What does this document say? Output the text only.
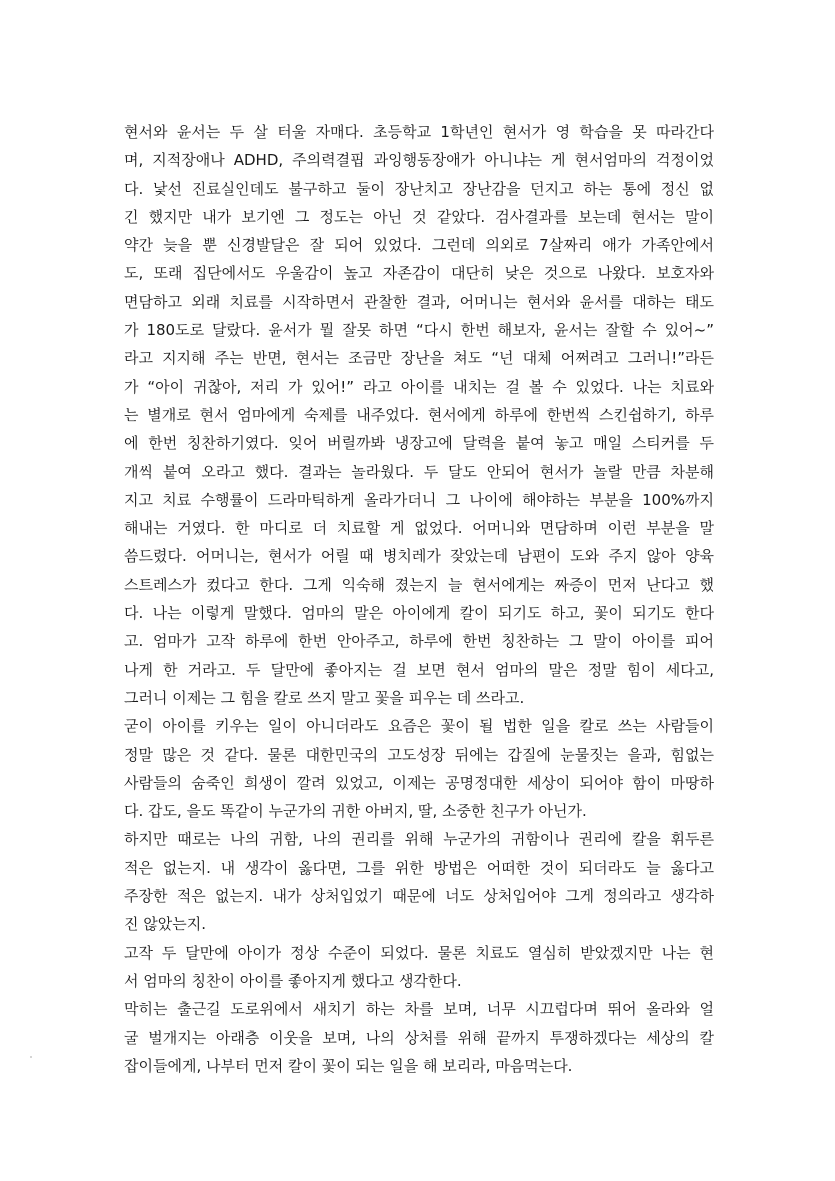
현서와 윤서는 두 살 터울 자매다. 초등학교 1학년인 현서가 영 학습을 못 따라간다
며, 지적장애나 ADHD, 주의력결핍 과잉행동장애가 아니냐는 게 현서엄마의 걱정이었
다. 낯선 진료실인데도 불구하고 둘이 장난치고 장난감을 던지고 하는 통에 정신 없
긴 했지만 내가 보기엔 그 정도는 아닌 것 같았다. 검사결과를 보는데 현서는 말이
약간 늦을 뿐 신경발달은 잘 되어 있었다. 그런데 의외로 7살짜리 애가 가족안에서
도, 또래 집단에서도 우울감이 높고 자존감이 대단히 낮은 것으로 나왔다. 보호자와
면담하고 외래 치료를 시작하면서 관찰한 결과, 어머니는 현서와 윤서를 대하는 태도
가 180도로 달랐다. 윤서가 뭘 잘못 하면 “다시 한번 해보자, 윤서는 잘할 수 있어~”
라고 지지해 주는 반면, 현서는 조금만 장난을 쳐도 “넌 대체 어쩌려고 그러니!”라든
가 “아이 귀찮아, 저리 가 있어!” 라고 아이를 내치는 걸 볼 수 있었다. 나는 치료와
는 별개로 현서 엄마에게 숙제를 내주었다. 현서에게 하루에 한번씩 스킨쉽하기, 하루
에 한번 칭찬하기였다. 잊어 버릴까봐 냉장고에 달력을 붙여 놓고 매일 스티커를 두
개씩 붙여 오라고 했다. 결과는 놀라웠다. 두 달도 안되어 현서가 놀랄 만큼 차분해
지고 치료 수행률이 드라마틱하게 올라가더니 그 나이에 해야하는 부분을 100%까지
해내는 거였다. 한 마디로 더 치료할 게 없었다. 어머니와 면담하며 이런 부분을 말
씀드렸다. 어머니는, 현서가 어릴 때 병치레가 잦았는데 남편이 도와 주지 않아 양육
스트레스가 컸다고 한다. 그게 익숙해 졌는지 늘 현서에게는 짜증이 먼저 난다고 했
다. 나는 이렇게 말했다. 엄마의 말은 아이에게 칼이 되기도 하고, 꽃이 되기도 한다
고. 엄마가 고작 하루에 한번 안아주고, 하루에 한번 칭찬하는 그 말이 아이를 피어
나게 한 거라고. 두 달만에 좋아지는 걸 보면 현서 엄마의 말은 정말 힘이 세다고,
그러니 이제는 그 힘을 칼로 쓰지 말고 꽃을 피우는 데 쓰라고.

굳이 아이를 키우는 일이 아니더라도 요즘은 꽃이 될 법한 일을 칼로 쓰는 사람들이
정말 많은 것 같다. 물론 대한민국의 고도성장 뒤에는 갑질에 눈물짓는 을과, 힘없는
사람들의 숨죽인 희생이 깔려 있었고, 이제는 공명정대한 세상이 되어야 함이 마땅하
다. 갑도, 을도 똑같이 누군가의 귀한 아버지, 딸, 소중한 친구가 아닌가.

하지만 때로는 나의 귀함, 나의 권리를 위해 누군가의 귀함이나 권리에 칼을 휘두른
적은 없는지. 내 생각이 옳다면, 그를 위한 방법은 어떠한 것이 되더라도 늘 옳다고
주장한 적은 없는지. 내가 상처입었기 때문에 너도 상처입어야 그게 정의라고 생각하
진 않았는지.

고작 두 달만에 아이가 정상 수준이 되었다. 물론 치료도 열심히 받았겠지만 나는 현
서 엄마의 칭찬이 아이를 좋아지게 했다고 생각한다.

막히는 출근길 도로위에서 새치기 하는 차를 보며, 너무 시끄럽다며 뛰어 올라와 얼
굴 벌개지는 아래층 이웃을 보며, 나의 상처를 위해 끝까지 투쟁하겠다는 세상의 칼
잡이들에게, 나부터 먼저 칼이 꽃이 되는 일을 해 보리라, 마음먹는다.
